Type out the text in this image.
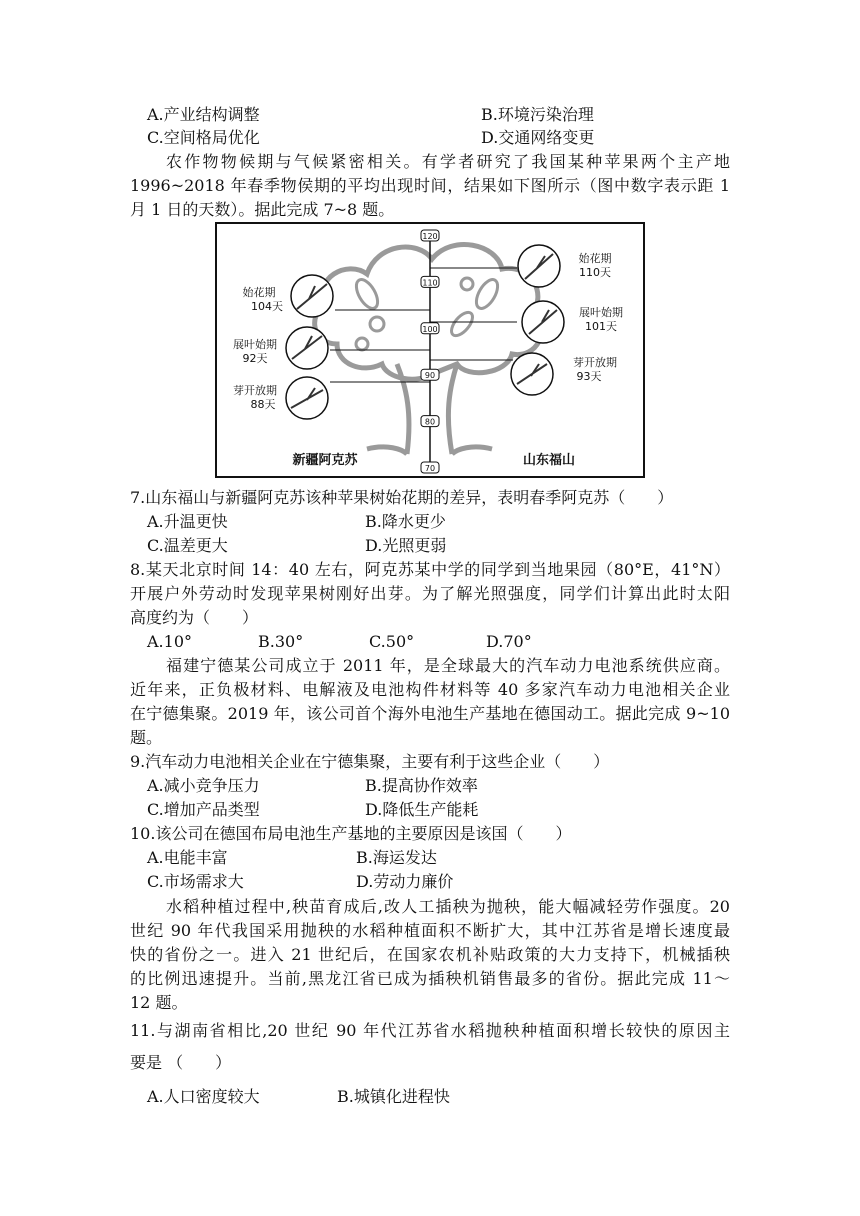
A.产业结构调整	B.环境污染治理
C.空间格局优化	D.交通网络变更
农作物物候期与气候紧密相关。有学者研究了我国某种苹果两个主产地
1996~2018 年春季物侯期的平均出现时间，结果如下图所示（图中数字表示距 1
月 1 日的天数）。据此完成 7~8 题。
120
110
100
90
80
70
始花期
104天
展叶始期
92天
芽开放期
88天
始花期
110天
展叶始期
101天
芽开放期
93天
新疆阿克苏	山东福山
7.山东福山与新疆阿克苏该种苹果树始花期的差异，表明春季阿克苏（　　）
A.升温更快	B.降水更少
C.温差更大	D.光照更弱
8.某天北京时间 14：40 左右，阿克苏某中学的同学到当地果园（80°E，41°N）
开展户外劳动时发现苹果树刚好出芽。为了解光照强度，同学们计算出此时太阳
高度约为（　　）
A.10°	B.30°	C.50°	D.70°
福建宁德某公司成立于 2011 年，是全球最大的汽车动力电池系统供应商。
近年来，正负极材料、电解液及电池构件材料等 40 多家汽车动力电池相关企业
在宁德集聚。2019 年，该公司首个海外电池生产基地在德国动工。据此完成 9~10
题。
9.汽车动力电池相关企业在宁德集聚，主要有利于这些企业（　　）
A.减小竞争压力	B.提高协作效率
C.增加产品类型	D.降低生产能耗
10.该公司在德国布局电池生产基地的主要原因是该国（　　）
A.电能丰富	B.海运发达
C.市场需求大	D.劳动力廉价
水稻种植过程中,秧苗育成后,改人工插秧为抛秧，能大幅减轻劳作强度。20
世纪 90 年代我国采用抛秧的水稻种植面积不断扩大，其中江苏省是增长速度最
快的省份之一。进入 21 世纪后，在国家农机补贴政策的大力支持下，机械插秧
的比例迅速提升。当前,黑龙江省已成为插秧机销售最多的省份。据此完成 11～
12 题。
11.与湖南省相比,20 世纪 90 年代江苏省水稻抛秧种植面积增长较快的原因主
要是 （　　）
A.人口密度较大	B.城镇化进程快
